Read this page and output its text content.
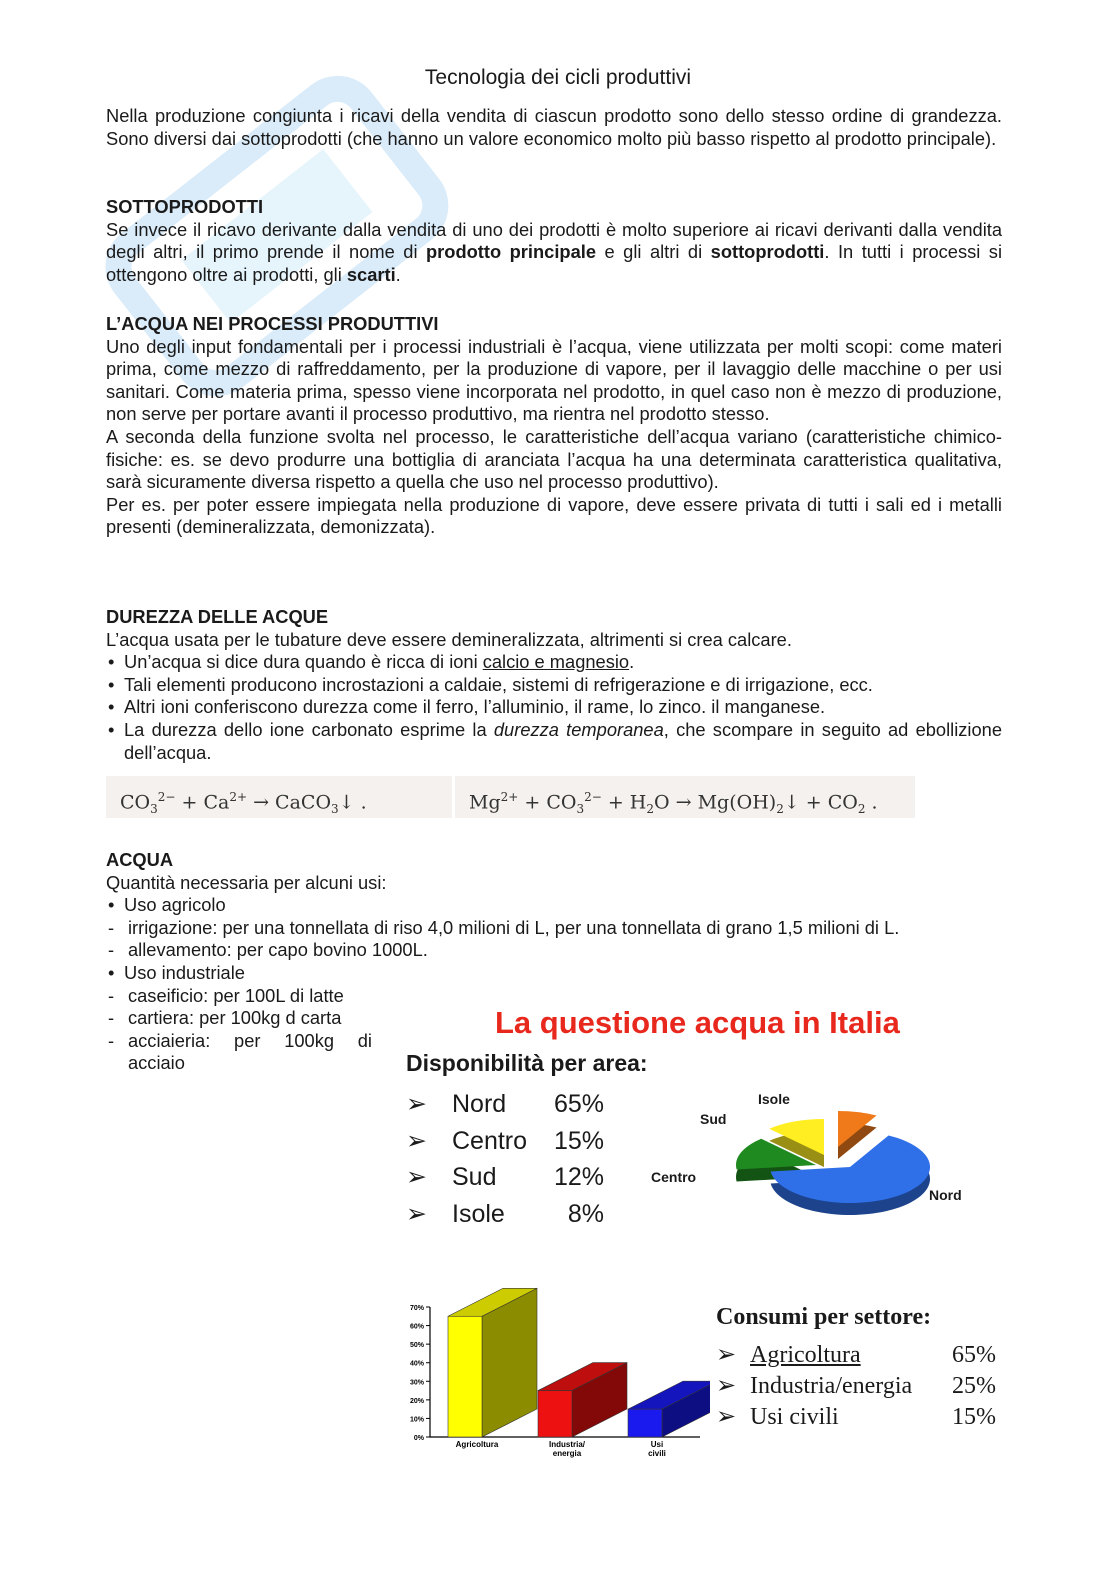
Tecnologia dei cicli produttivi
Nella produzione congiunta i ricavi della vendita di ciascun prodotto sono dello stesso ordine di grandezza. Sono diversi dai sottoprodotti (che hanno un valore economico molto più basso rispetto al prodotto principale).
SOTTOPRODOTTI

Se invece il ricavo derivante dalla vendita di uno dei prodotti è molto superiore ai ricavi derivanti dalla vendita degli altri, il primo prende il nome di prodotto principale e gli altri di sottoprodotti. In tutti i processi si ottengono oltre ai prodotti, gli scarti.

L’ACQUA NEI PROCESSI PRODUTTIVI

Uno degli input fondamentali per i processi industriali è l’acqua, viene utilizzata per molti scopi: come materi prima, come mezzo di raffreddamento, per la produzione di vapore, per il lavaggio delle macchine o per usi sanitari. Come materia prima, spesso viene incorporata nel prodotto, in quel caso non è mezzo di produzione, non serve per portare avanti il processo produttivo, ma rientra nel prodotto stesso.

A seconda della funzione svolta nel processo, le caratteristiche dell’acqua variano (caratteristiche chimico-fisiche: es. se devo produrre una bottiglia di aranciata l’acqua ha una determinata caratteristica qualitativa, sarà sicuramente diversa rispetto a quella che uso nel processo produttivo).

Per es. per poter essere impiegata nella produzione di vapore, deve essere privata di tutti i sali ed i metalli presenti (demineralizzata, demonizzata).

DUREZZA DELLE ACQUE

L’acqua usata per le tubature deve essere demineralizzata, altrimenti si crea calcare.

• Un’acqua si dice dura quando è ricca di ioni calcio e magnesio.
• Tali elementi producono incrostazioni a caldaie, sistemi di refrigerazione e di irrigazione, ecc.
• Altri ioni conferiscono durezza come il ferro, l’alluminio, il rame, lo zinco. il manganese.
• La durezza dello ione carbonato esprime la durezza temporanea, che scompare in seguito ad ebollizione dell’acqua.
$CO_3^{2-} + Ca^{2+}$ → CaCO$_3$↓ .	$Mg^{2+} + CO_3^{2-} + H_2O$ → $Mg(OH)_2↓ + CO_2$ .
ACQUA

Quantità necessaria per alcuni usi:

• Uso agricolo
- irrigazione: per una tonnellata di riso 4,0 milioni di L, per una tonnellata di grano 1,5 milioni di L.
- allevamento: per capo bovino 1000L.
• Uso industriale
- caseificio: per 100L di latte
- cartiera: per 100kg d carta
- acciaieria: per 100kg di acciaio
La questione acqua in Italia
Disponibilità per area:
➢	Nord	65%
➢	Centro	15%
➢	Sud	12%
➢	Isole	8%
Isole
Sud
Centro
Nord
0%
10%
20%
30%
40%
50%
60%
70%
Agricoltura	Industria/
energia
Usi
civili
Consumi per settore:
➢ Agricoltura	65%
➢ Industria/energia	25%
➢ Usi civili	15%
